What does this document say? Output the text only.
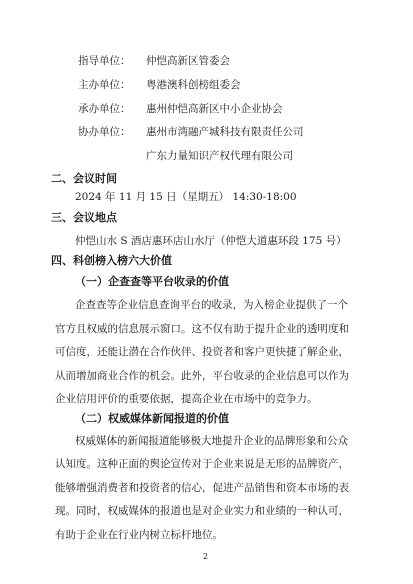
指导单位： 仲恺高新区管委会
主办单位： 粤港澳科创榜组委会
承办单位： 惠州仲恺高新区中小企业协会
协办单位： 惠州市湾融产城科技有限责任公司
广东力量知识产权代理有限公司
二、会议时间
2024 年 11 月 15 日（星期五） 14:30-18:00
三、会议地点
仲恺山水 S 酒店惠环店山水厅（仲恺大道惠环段 175 号）
四、科创榜入榜六大价值
（一）企查查等平台收录的价值
企查查等企业信息查询平台的收录，为入榜企业提供了一个
官方且权威的信息展示窗口。这不仅有助于提升企业的透明度和
可信度，还能让潜在合作伙伴、投资者和客户更快捷了解企业，
从而增加商业合作的机会。此外，平台收录的企业信息可以作为
企业信用评价的重要依据，提高企业在市场中的竞争力。
（二）权威媒体新闻报道的价值
权威媒体的新闻报道能够极大地提升企业的品牌形象和公众
认知度。这种正面的舆论宣传对于企业来说是无形的品牌资产，
能够增强消费者和投资者的信心，促进产品销售和资本市场的表
现。同时，权威媒体的报道也是对企业实力和业绩的一种认可，
有助于企业在行业内树立标杆地位。
2
